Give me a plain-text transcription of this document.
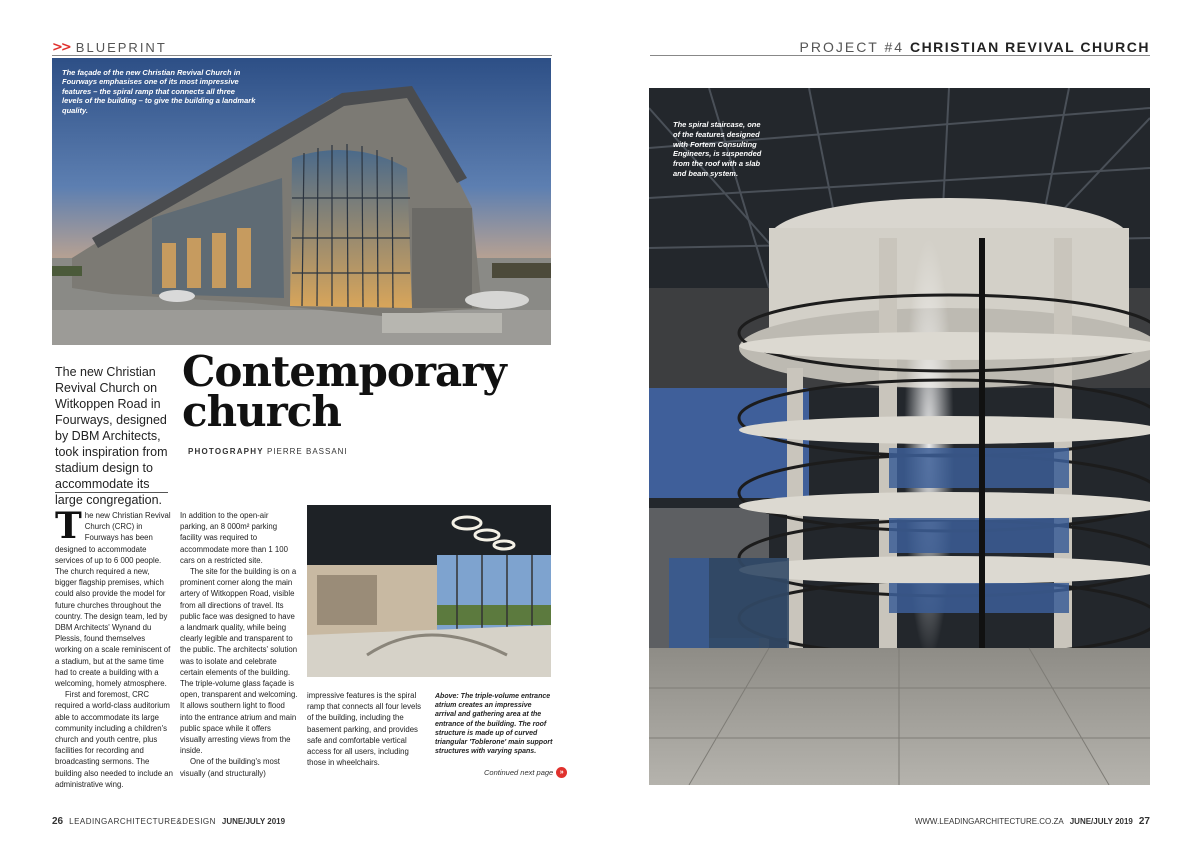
>> BLUEPRINT	PROJECT #4 CHRISTIAN REVIVAL CHURCH
The façade of the new Christian Revival Church in Fourways emphasises one of its most impressive features – the spiral ramp that connects all three levels of the building – to give the building a landmark quality.
The spiral staircase, one of the features designed with Fortem Consulting Engineers, is suspended from the roof with a slab and beam system.
The new Christian Revival Church on Witkoppen Road in Fourways, designed by DBM Architects, took inspiration from stadium design to accommodate its large congregation.
Contemporary
church
PHOTOGRAPHY PIERRE BASSANI

The new Christian Revival Church (CRC) in Fourways has been designed to accommodate services of up to 6 000 people. The church required a new, bigger flagship premises, which could also provide the model for future churches throughout the country. The design team, led by DBM Architects' Wynand du Plessis, found themselves working on a scale reminiscent of a stadium, but at the same time had to create a building with a welcoming, homely atmosphere.

First and foremost, CRC required a world-class auditorium able to accommodate its large community including a children's church and youth centre, plus facilities for recording and broadcasting sermons. The building also needed to include an administrative wing.

In addition to the open-air parking, an 8 000m² parking facility was required to accommodate more than 1 100 cars on a restricted site.

The site for the building is on a prominent corner along the main artery of Witkoppen Road, visible from all directions of travel. Its public face was designed to have a landmark quality, while being clearly legible and transparent to the public. The architects' solution was to isolate and celebrate certain elements of the building. The triple-volume glass façade is open, transparent and welcoming. It allows southern light to flood into the entrance atrium and main public space while it offers visually arresting views from the inside.

One of the building's most visually (and structurally)

impressive features is the spiral ramp that connects all four levels of the building, including the basement parking, and provides safe and comfortable vertical access for all users, including those in wheelchairs.

Above: The triple-volume entrance atrium creates an impressive arrival and gathering area at the entrance of the building. The roof structure is made up of curved triangular 'Toblerone' main support structures with varying spans.
Continued next page »
26 LEADINGARCHITECTURE&DESIGN JUNE/JULY 2019	WWW.LEADINGARCHITECTURE.CO.ZA JUNE/JULY 2019 27
